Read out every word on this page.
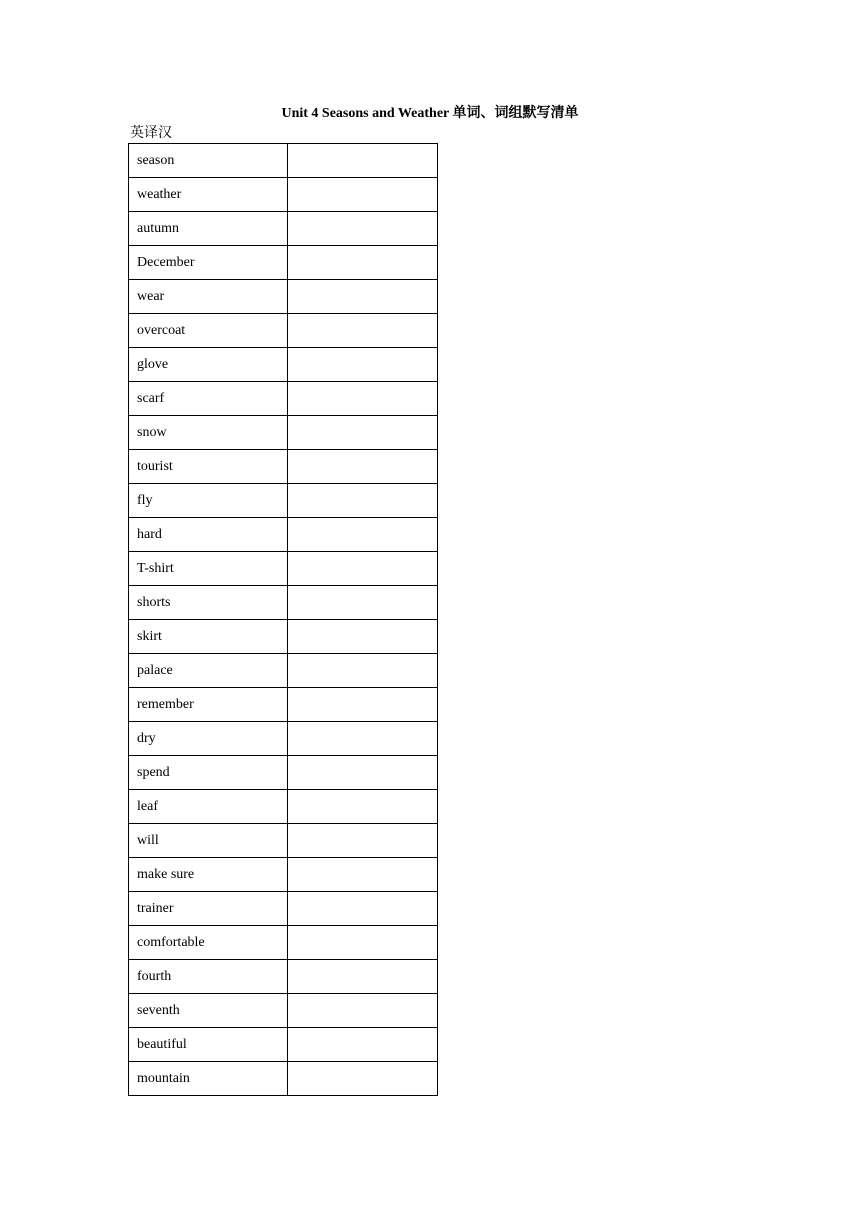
Unit 4 Seasons and Weather 单词、词组默写清单
英译汉
season	
weather	
autumn	
December	
wear	
overcoat	
glove	
scarf	
snow	
tourist	
fly	
hard	
T-shirt	
shorts	
skirt	
palace	
remember	
dry	
spend	
leaf	
will	
make sure	
trainer	
comfortable	
fourth	
seventh	
beautiful	
mountain	
